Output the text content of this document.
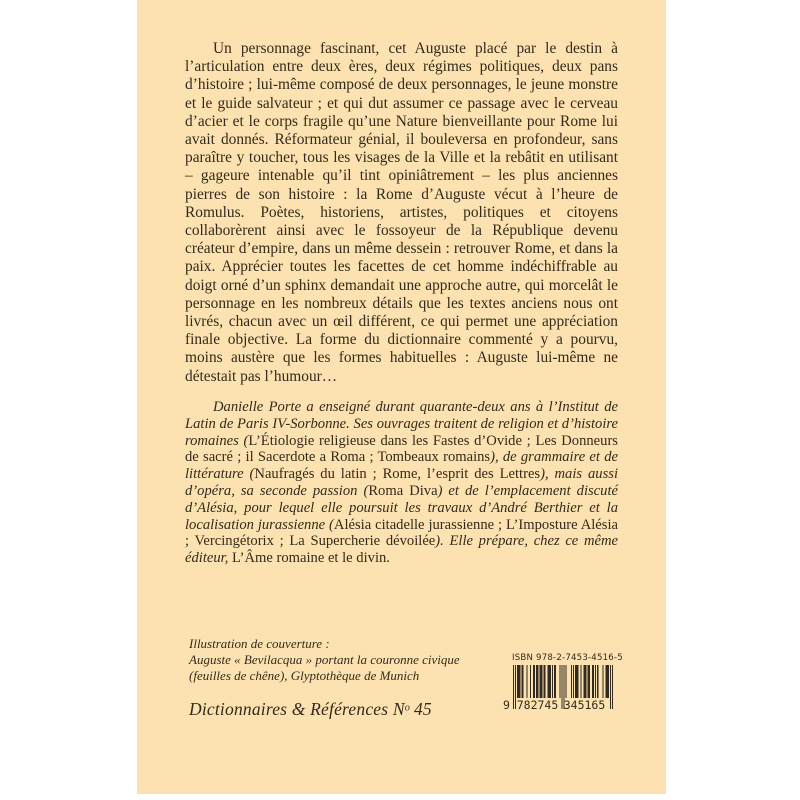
Un personnage fascinant, cet Auguste placé par le destin à l’articulation entre deux ères, deux régimes politiques, deux pans d’histoire ; lui-même composé de deux personnages, le jeune monstre et le guide salvateur ; et qui dut assumer ce passage avec le cerveau d’acier et le corps fragile qu’une Nature bienveillante pour Rome lui avait donnés. Réformateur génial, il bouleversa en profondeur, sans paraître y toucher, tous les visages de la Ville et la rebâtit en utilisant – gageure intenable qu’il tint opiniâtrement – les plus anciennes pierres de son histoire : la Rome d’Auguste vécut à l’heure de Romulus. Poètes, historiens, artistes, politiques et citoyens collaborèrent ainsi avec le fossoyeur de la République devenu créateur d’empire, dans un même dessein : retrouver Rome, et dans la paix. Apprécier toutes les facettes de cet homme indéchiffrable au doigt orné d’un sphinx demandait une approche autre, qui morcelât le personnage en les nombreux détails que les textes anciens nous ont livrés, chacun avec un œil différent, ce qui permet une appréciation finale objective. La forme du dictionnaire commenté y a pourvu, moins austère que les formes habituelles : Auguste lui-même ne détestait pas l’humour…

Danielle Porte a enseigné durant quarante-deux ans à l’Institut de Latin de Paris IV-Sorbonne. Ses ouvrages traitent de religion et d’histoire romaines (L’Étiologie religieuse dans les Fastes d’Ovide ; Les Donneurs de sacré ; il Sacerdote a Roma ; Tombeaux romains), de grammaire et de littérature (Naufragés du latin ; Rome, l’esprit des Lettres), mais aussi d’opéra, sa seconde passion (Roma Diva) et de l’emplacement discuté d’Alésia, pour lequel elle poursuit les travaux d’André Berthier et la localisation jurassienne (Alésia citadelle jurassienne ; L’Imposture Alésia ; Vercingétorix ; La Supercherie dévoilée). Elle prépare, chez ce même éditeur, L’Âme romaine et le divin.

Illustration de couverture :
Auguste « Bevilacqua » portant la couronne civique
(feuilles de chêne), Glyptothèque de Munich

Dictionnaires & Références $N^o$ 45

ISBN 978-2-7453-4516-5
9 782745 345165
